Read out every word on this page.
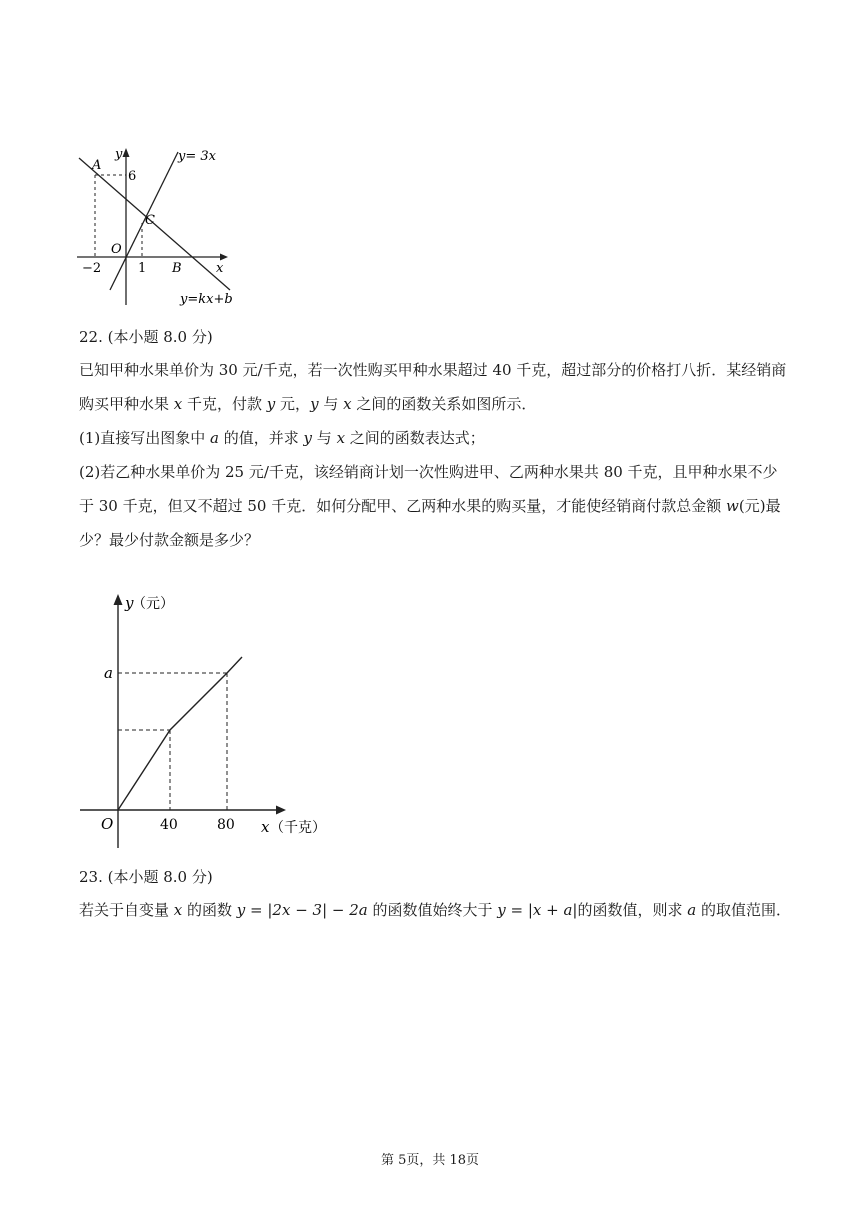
y	y= 3x
A
6
C
O
−2	1 B	x
y=kx+b
22. (本小题 8.0 分)
已知甲种水果单价为 30 元/千克，若一次性购买甲种水果超过 40 千克，超过部分的价格打八折．某经销商
购买甲种水果 x 千克，付款 y 元，y 与 x 之间的函数关系如图所示．
(1)直接写出图象中 a 的值，并求 y 与 x 之间的函数表达式；
(2)若乙种水果单价为 25 元/千克，该经销商计划一次性购进甲、乙两种水果共 80 千克，且甲种水果不少
于 30 千克，但又不超过 50 千克．如何分配甲、乙两种水果的购买量，才能使经销商付款总金额 w(元)最
少？最少付款金额是多少？
y
（元）
a
O	40	80 x （千克）
23. (本小题 8.0 分)
若关于自变量 x 的函数 y = |2x − 3| − 2a 的函数值始终大于 y = |x + a|的函数值，则求 a 的取值范围．
第 5页，共 18页
